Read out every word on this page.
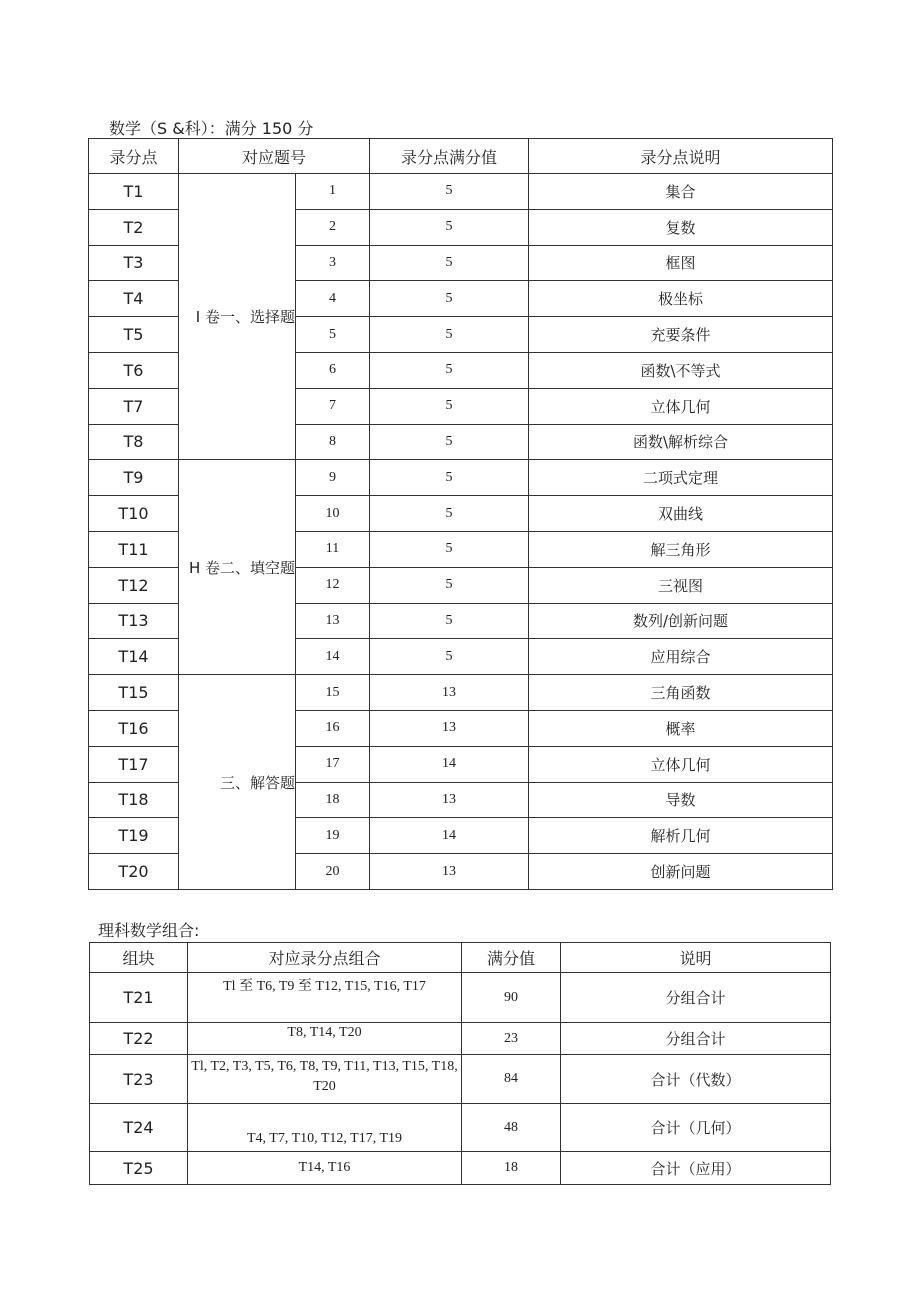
数学（S &科）：满分 150 分
录分点	对应题号		录分点满分值	录分点说明
T1	I 卷一、选择题	1	5	集合
T2		2	5	复数
T3		3	5	框图
T4		4	5	极坐标
T5		5	5	充要条件
T6		6	5	函数\不等式
T7		7	5	立体几何
T8		8	5	函数\解析综合
T9	H 卷二、填空题	9	5	二项式定理
T10		10	5	双曲线
T11		11	5	解三角形
T12		12	5	三视图
T13		13	5	数列/创新问题
T14		14	5	应用综合
T15	三、解答题	15	13	三角函数
T16		16	13	概率
T17		17	14	立体几何
T18		18	13	导数
T19		19	14	解析几何
T20		20	13	创新问题
理科数学组合:
组块	对应录分点组合	满分值	说明
T21	Tl 至 T6, T9 至 T12, T15, T16, T17	90	分组合计
T22	T8, T14, T20	23	分组合计
T23	Tl, T2, T3, T5, T6, T8, T9, T11, T13, T15, T18, T20	84	合计（代数）
T24	T4, T7, T10, T12, T17, T19	48	合计（几何）
T25	T14, T16	18	合计（应用）
